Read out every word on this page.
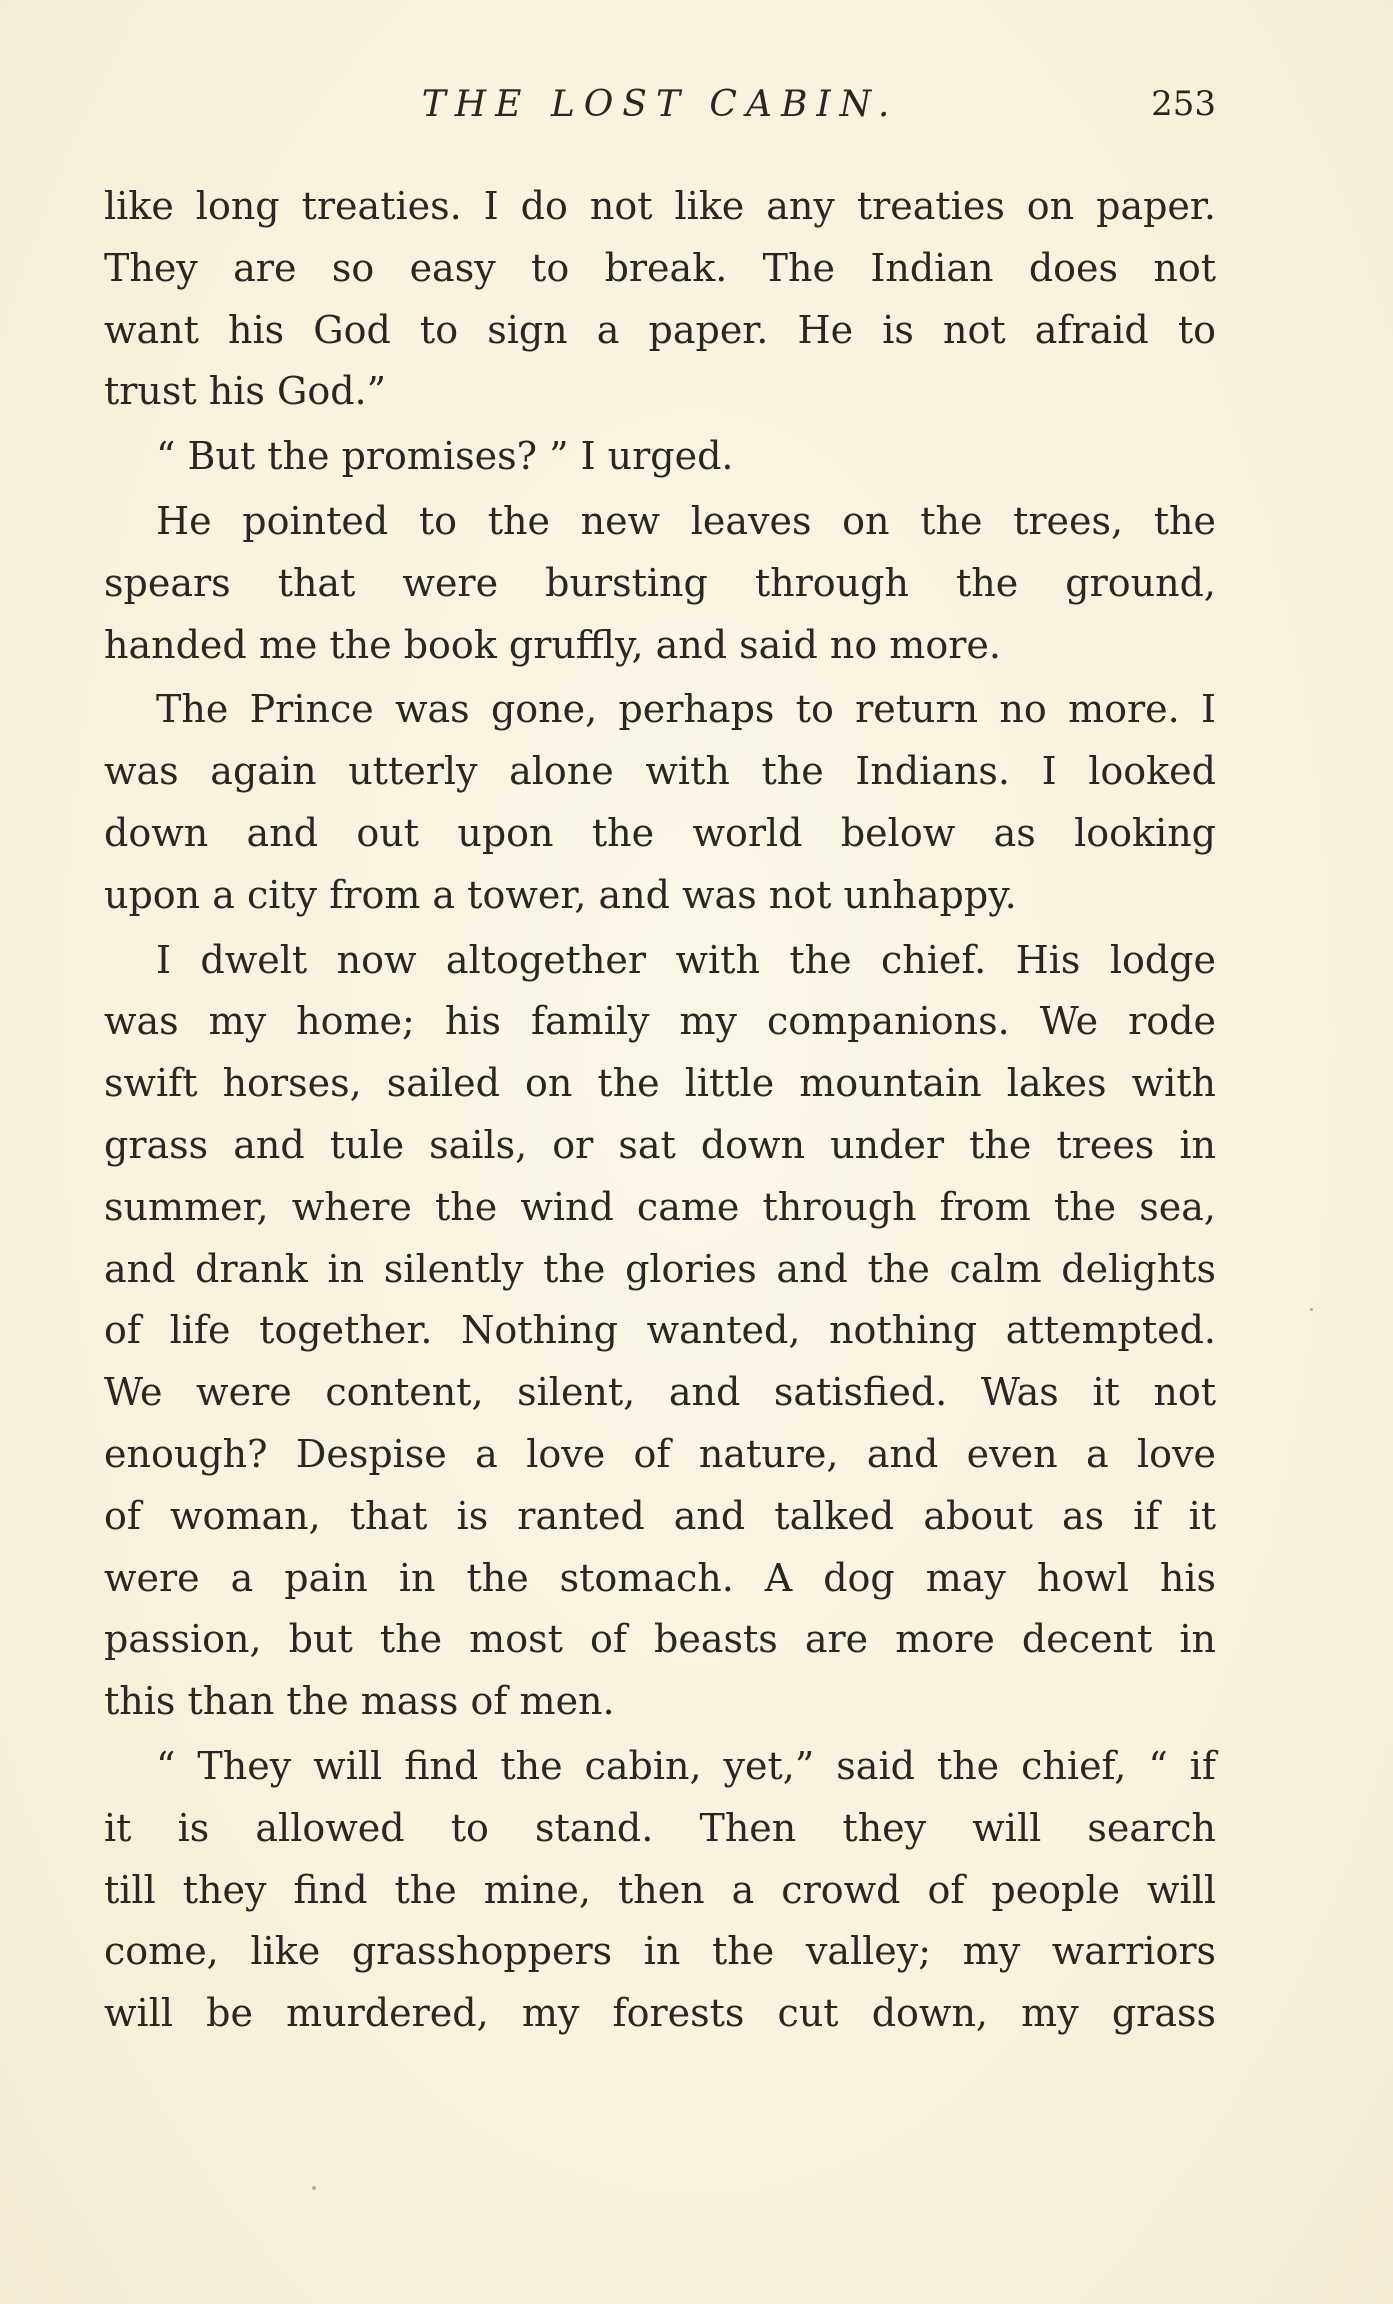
THE LOST CABIN.	253
like long treaties. I do not like any treaties on paper.
They are so easy to break. The Indian does not
want his God to sign a paper. He is not afraid to
trust his God.”
“ But the promises? ” I urged.
He pointed to the new leaves on the trees, the
spears that were bursting through the ground,
handed me the book gruffly, and said no more.
The Prince was gone, perhaps to return no more. I
was again utterly alone with the Indians. I looked
down and out upon the world below as looking
upon a city from a tower, and was not unhappy.
I dwelt now altogether with the chief. His lodge
was my home; his family my companions. We rode
swift horses, sailed on the little mountain lakes with
grass and tule sails, or sat down under the trees in
summer, where the wind came through from the sea,
and drank in silently the glories and the calm delights
of life together. Nothing wanted, nothing attempted.
We were content, silent, and satisfied. Was it not
enough? Despise a love of nature, and even a love
of woman, that is ranted and talked about as if it
were a pain in the stomach. A dog may howl his
passion, but the most of beasts are more decent in
this than the mass of men.
“ They will find the cabin, yet,” said the chief, “ if
it is allowed to stand. Then they will search
till they find the mine, then a crowd of people will
come, like grasshoppers in the valley; my warriors
will be murdered, my forests cut down, my grass
